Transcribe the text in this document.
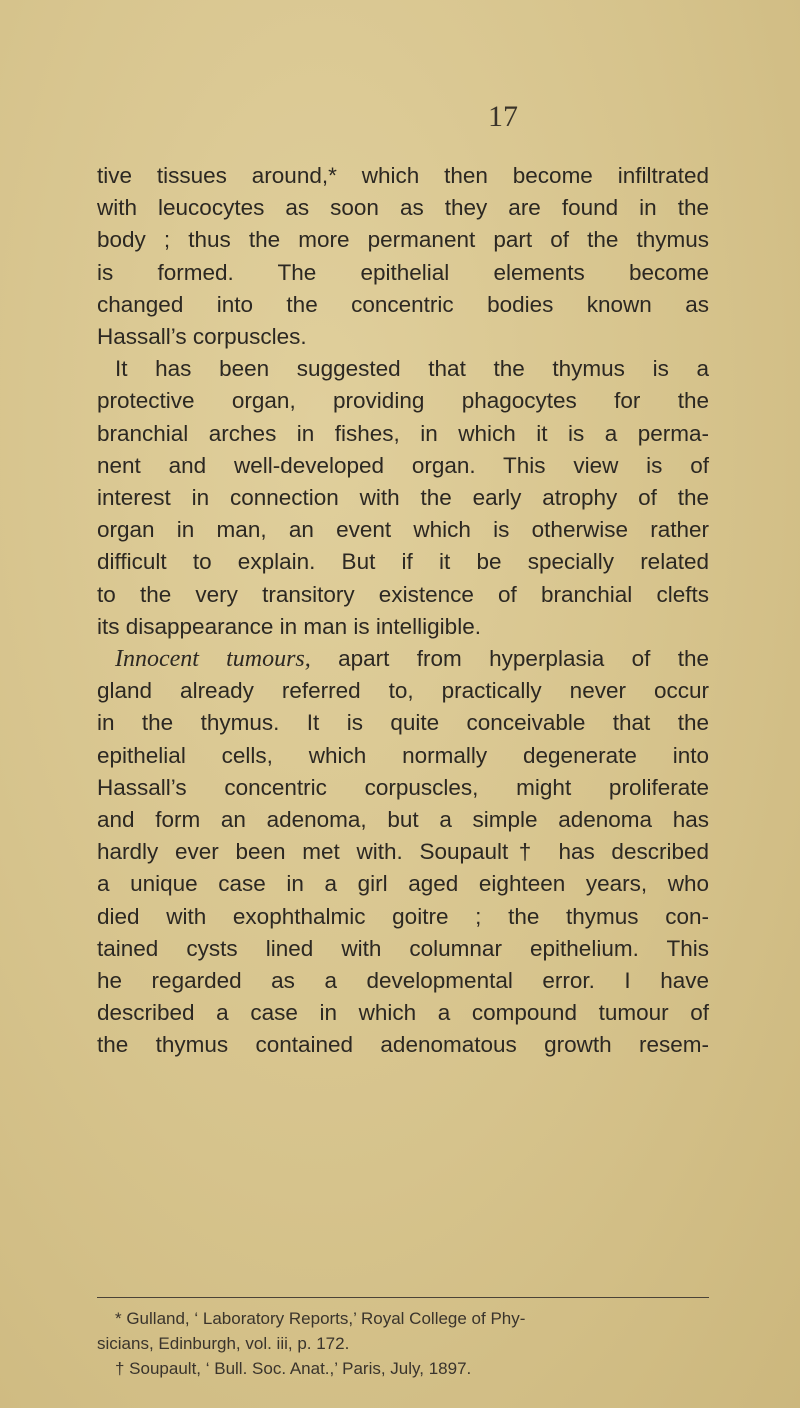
17
tive tissues around,* which then become infiltrated
with leucocytes as soon as they are found in the
body ; thus the more permanent part of the thymus
is formed. The epithelial elements become
changed into the concentric bodies known as
Hassall’s corpuscles.
It has been suggested that the thymus is a
protective organ, providing phagocytes for the
branchial arches in fishes, in which it is a perma-
nent and well-developed organ. This view is of
interest in connection with the early atrophy of the
organ in man, an event which is otherwise rather
difficult to explain. But if it be specially related
to the very transitory existence of branchial clefts
its disappearance in man is intelligible.
Innocent tumours, apart from hyperplasia of the
gland already referred to, practically never occur
in the thymus. It is quite conceivable that the
epithelial cells, which normally degenerate into
Hassall’s concentric corpuscles, might proliferate
and form an adenoma, but a simple adenoma has
hardly ever been met with. Soupault† has described
a unique case in a girl aged eighteen years, who
died with exophthalmic goitre ; the thymus con-
tained cysts lined with columnar epithelium. This
he regarded as a developmental error. I have
described a case in which a compound tumour of
the thymus contained adenomatous growth resem-
* Gulland, ‘ Laboratory Reports,’ Royal College of Phy-
sicians, Edinburgh, vol. iii, p. 172.
† Soupault, ‘ Bull. Soc. Anat.,’ Paris, July, 1897.
